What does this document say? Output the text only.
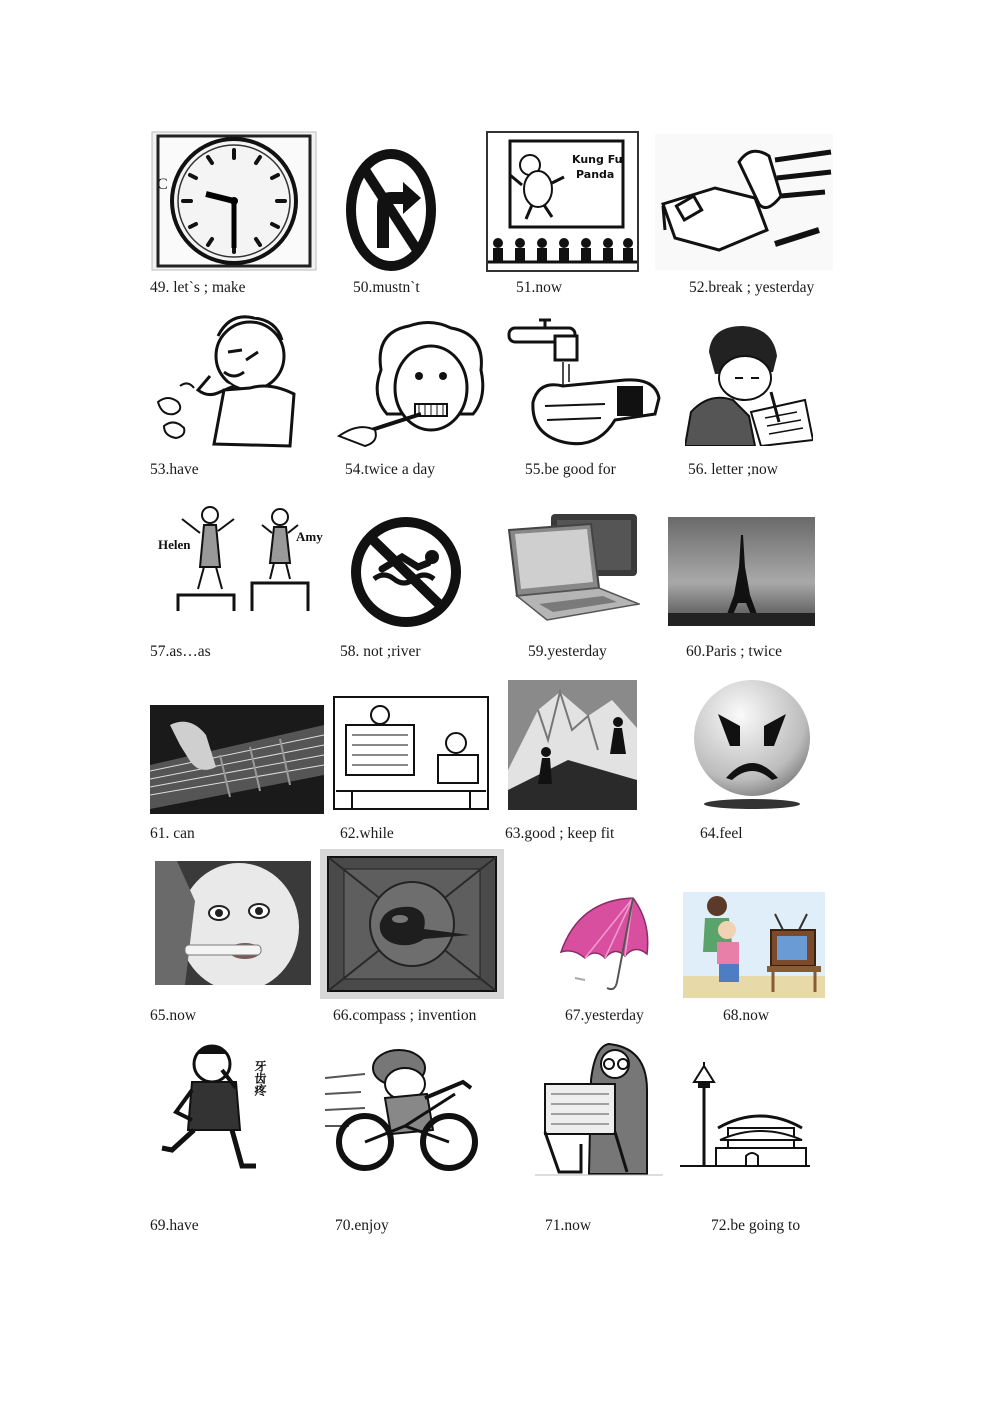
C
Kung Fu
Panda
49. let`s ; make	50.mustn`t	51.now	52.break ; yesterday
53.have	54.twice a day	55.be good for	56. letter ;now
Helen
Amy
57.as…as	58. not ;river	59.yesterday	60.Paris ; twice
61. can	62.while	63.good ; keep fit	64.feel
65.now	66.compass ; invention	67.yesterday	68.now
牙齿疼
69.have	70.enjoy	71.now	72.be going to
